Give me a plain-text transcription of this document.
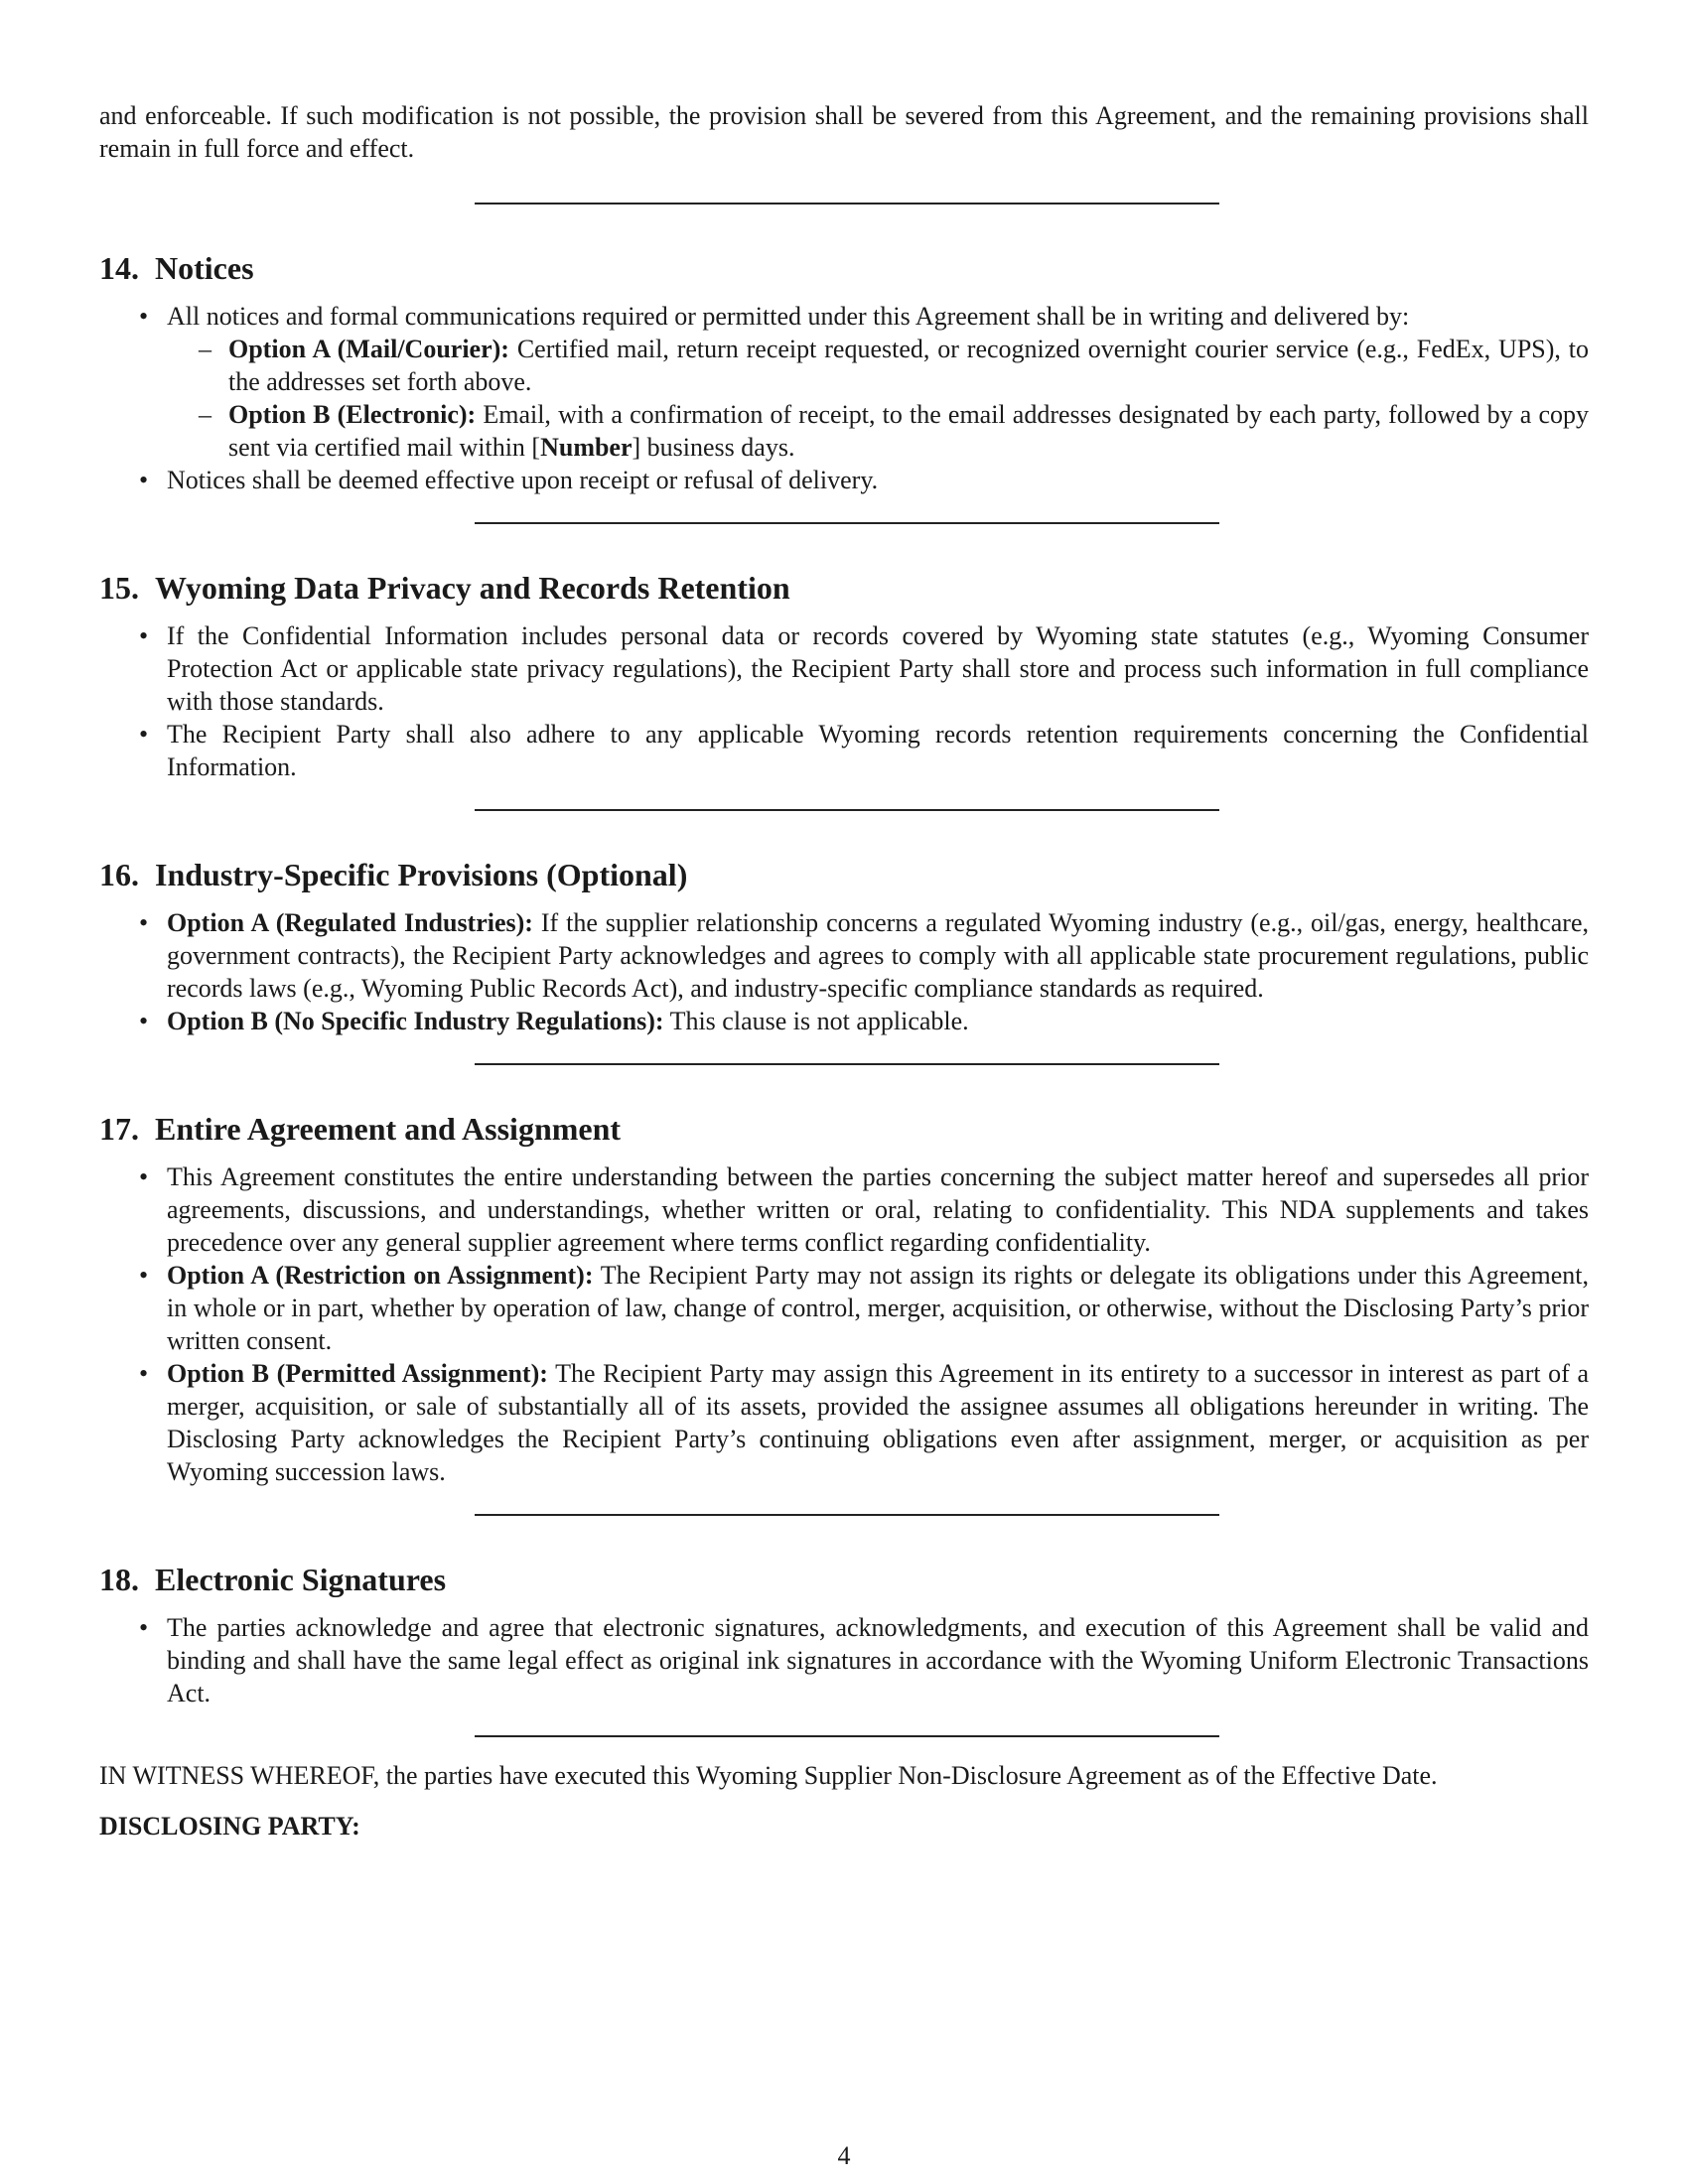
and enforceable. If such modification is not possible, the provision shall be severed from this Agreement, and the remaining provisions shall remain in full force and effect.

14. Notices
• All notices and formal communications required or permitted under this Agreement shall be in writing and delivered by:
– Option A (Mail/Courier): Certified mail, return receipt requested, or recognized overnight courier service (e.g., FedEx, UPS), to the addresses set forth above.
– Option B (Electronic): Email, with a confirmation of receipt, to the email addresses designated by each party, followed by a copy sent via certified mail within [Number] business days.
• Notices shall be deemed effective upon receipt or refusal of delivery.
15. Wyoming Data Privacy and Records Retention
• If the Confidential Information includes personal data or records covered by Wyoming state statutes (e.g., Wyoming Consumer Protection Act or applicable state privacy regulations), the Recipient Party shall store and process such information in full compliance with those standards.
• The Recipient Party shall also adhere to any applicable Wyoming records retention requirements concerning the Confidential Information.
16. Industry-Specific Provisions (Optional)
• Option A (Regulated Industries): If the supplier relationship concerns a regulated Wyoming industry (e.g., oil/gas, energy, healthcare, government contracts), the Recipient Party acknowledges and agrees to comply with all applicable state procurement regulations, public records laws (e.g., Wyoming Public Records Act), and industry-specific compliance standards as required.
• Option B (No Specific Industry Regulations): This clause is not applicable.
17. Entire Agreement and Assignment
• This Agreement constitutes the entire understanding between the parties concerning the subject matter hereof and supersedes all prior agreements, discussions, and understandings, whether written or oral, relating to confidentiality. This NDA supplements and takes precedence over any general supplier agreement where terms conflict regarding confidentiality.
• Option A (Restriction on Assignment): The Recipient Party may not assign its rights or delegate its obligations under this Agreement, in whole or in part, whether by operation of law, change of control, merger, acquisition, or otherwise, without the Disclosing Party’s prior written consent.
• Option B (Permitted Assignment): The Recipient Party may assign this Agreement in its entirety to a successor in interest as part of a merger, acquisition, or sale of substantially all of its assets, provided the assignee assumes all obligations hereunder in writing. The Disclosing Party acknowledges the Recipient Party’s continuing obligations even after assignment, merger, or acquisition as per Wyoming succession laws.
18. Electronic Signatures
• The parties acknowledge and agree that electronic signatures, acknowledgments, and execution of this Agreement shall be valid and binding and shall have the same legal effect as original ink signatures in accordance with the Wyoming Uniform Electronic Transactions Act.

IN WITNESS WHEREOF, the parties have executed this Wyoming Supplier Non-Disclosure Agreement as of the Effective Date.

DISCLOSING PARTY:

4
